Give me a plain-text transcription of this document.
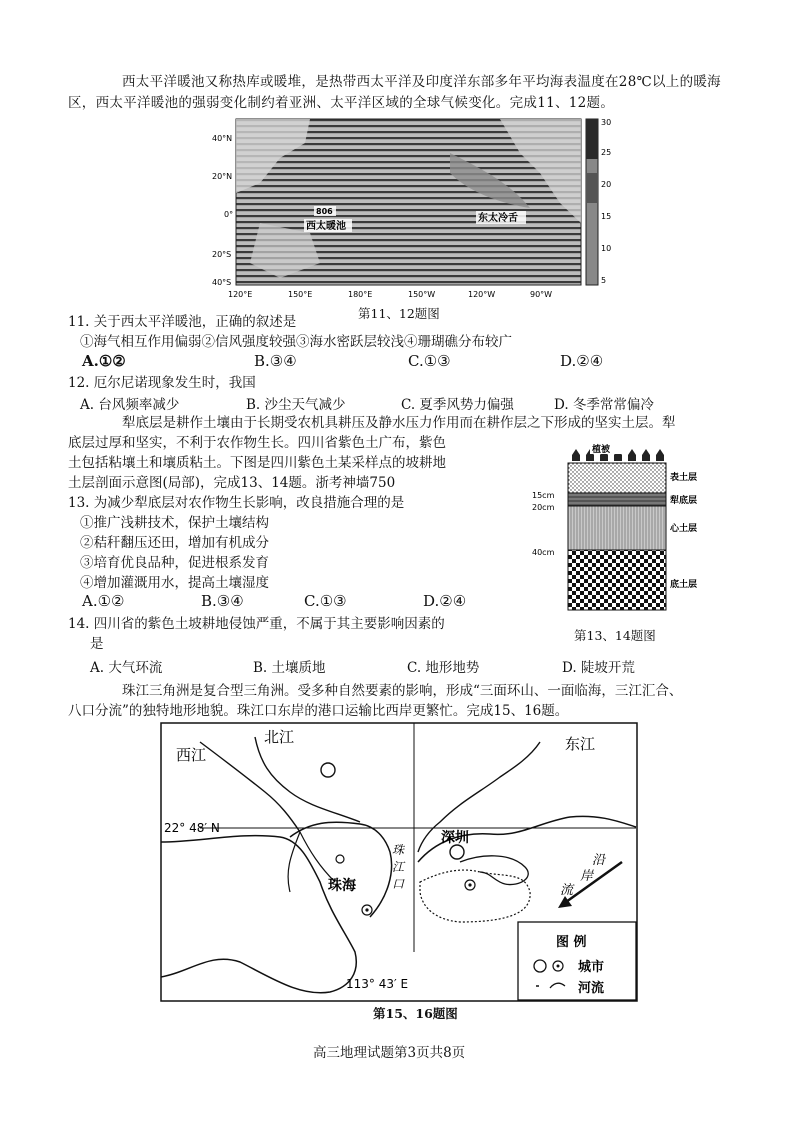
西太平洋暖池又称热库或暖堆，是热带西太平洋及印度洋东部多年平均海表温度在28℃以上的暖海区，西太平洋暖池的强弱变化制约着亚洲、太平洋区域的全球气候变化。完成11、12题。
30
25
20
15
10
5
40°N
20°N
0°
20°S
40°S
120°E	150°E	180°E	150°W	120°W	90°W
806
西太暖池
东太冷舌
第11、12题图
11. 关于西太平洋暖池，正确的叙述是
①海气相互作用偏弱②信风强度较强③海水密跃层较浅④珊瑚礁分布较广
A.①②	B.③④	C.①③	D.②④
12. 厄尔尼诺现象发生时，我国
A. 台风频率减少	B. 沙尘天气减少	C. 夏季风势力偏强	D. 冬季常常偏冷
犁底层是耕作土壤由于长期受农机具耕压及静水压力作用而在耕作层之下形成的坚实土层。犁
底层过厚和坚实，不利于农作物生长。四川省紫色土广布，紫色
土包括粘壤土和壤质粘土。下图是四川紫色土某采样点的坡耕地
土层剖面示意图(局部)，完成13、14题。浙考神墙750
13. 为减少犁底层对农作物生长影响，改良措施合理的是
①推广浅耕技术，保护土壤结构
②秸秆翻压还田，增加有机成分
③培育优良品种，促进根系发育
④增加灌溉用水，提高土壤湿度
A.①②	B.③④	C.①③	D.②④
14. 四川省的紫色土坡耕地侵蚀严重，不属于其主要影响因素的
是
A. 大气环流	B. 土壤质地	C. 地形地势	D. 陡坡开荒
植被
15cm
20cm
40cm
表土层
犁底层
心土层
底土层
第13、14题图
珠江三角洲是复合型三角洲。受多种自然要素的影响，形成“三面环山、一面临海，三江汇合、
八口分流”的独特地形地貌。珠江口东岸的港口运输比西岸更繁忙。完成15、16题。
西江
北江	东江
22° 48′ N
深圳
珠海
珠
江
口
沿
岸
流
113° 43′ E
图 例
城市
河流
第15、16题图
高三地理试题第3页共8页
